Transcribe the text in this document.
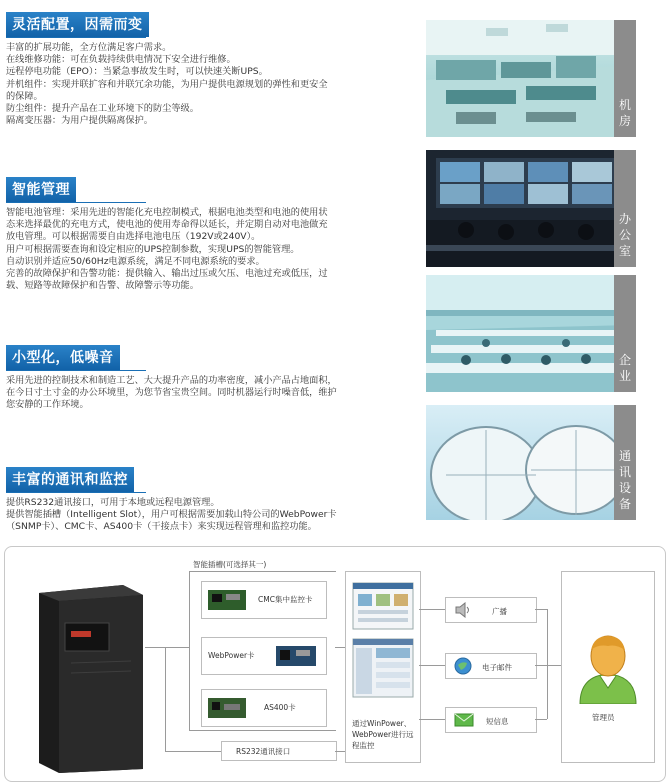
灵活配置，因需而变

丰富的扩展功能，全方位满足客户需求。

在线维修功能：可在负载持续供电情况下安全进行维修。

远程停电功能（EPO）：当紧急事故发生时，可以快速关断UPS。

并机组件：实现并联扩容和并联冗余功能，为用户提供电源规划的弹性和更安全

的保障。

防尘组件：提升产品在工业环境下的防尘等级。

隔离变压器：为用户提供隔离保护。

智能管理

智能电池管理：采用先进的智能化充电控制模式，根据电池类型和电池的使用状

态来选择最优的充电方式，使电池的使用寿命得以延长，并定期自动对电池做充

放电管理。可以根据需要自由选择电池电压（192V或240V）。

用户可根据需要查询和设定相应的UPS控制参数，实现UPS的智能管理。

自动识别并适应50/60Hz电源系统，满足不同电源系统的要求。

完善的故障保护和告警功能：提供输入、输出过压或欠压、电池过充或低压，过

载、短路等故障保护和告警、故障警示等功能。

小型化，低噪音

采用先进的控制技术和制造工艺、大大提升产品的功率密度，减小产品占地面积，

在今日寸土寸金的办公环境里，为您节省宝贵空间。同时机器运行时噪音低，维护

您安静的工作环境。

丰富的通讯和监控

提供RS232通讯接口，可用于本地或远程电源管理。

提供智能插槽（Intelligent Slot），用户可根据需要加载山特公司的WebPower卡

（SNMP卡）、CMC卡、AS400卡（干接点卡）来实现远程管理和监控功能。

机房
办公室
企业
通讯设备
智能插槽(可选择其一)
CMC集中监控卡
WebPower卡
AS400卡
RS232通讯接口
通过WinPower、
WebPower进行远
程监控
广播
电子邮件
短信息	管理员
